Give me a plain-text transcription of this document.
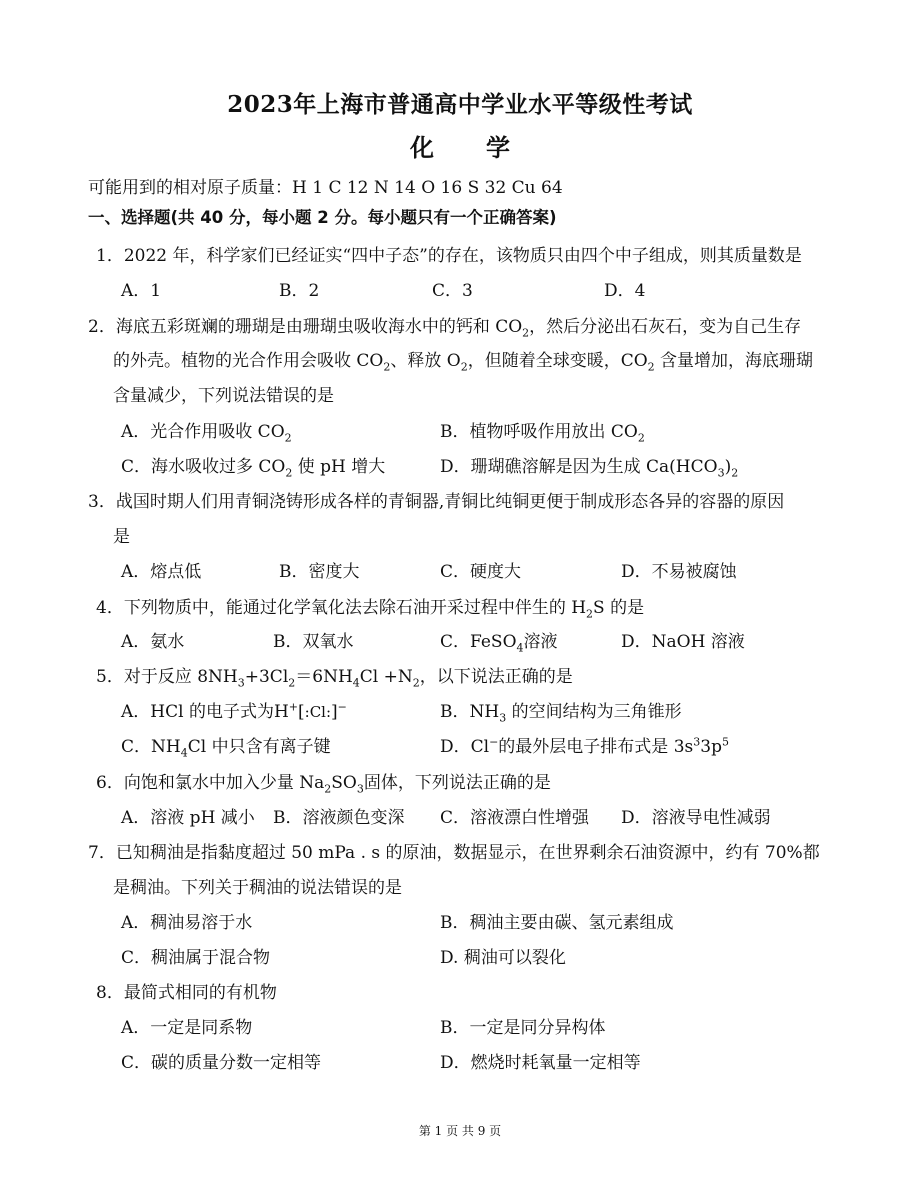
2023年上海市普通高中学业水平等级性考试
化学
可能用到的相对原子质量：H 1 C 12 N 14 O 16 S 32 Cu 64
一、选择题(共 40 分，每小题 2 分。每小题只有一个正确答案)
1．2022 年，科学家们已经证实“四中子态”的存在，该物质只由四个中子组成，则其质量数是
A．1	B．2	C．3	D．4
2．海底五彩斑斓的珊瑚是由珊瑚虫吸收海水中的钙和 $CO_2$，然后分泌出石灰石，变为自己生存
的外壳。植物的光合作用会吸收 $CO_2$、释放 $O_2$，但随着全球变暖，$CO_2$ 含量增加，海底珊瑚
含量减少，下列说法错误的是
A．光合作用吸收 $CO_2$	B．植物呼吸作用放出 $CO_2$
C．海水吸收过多 $CO_2$ 使 pH 增大	D．珊瑚礁溶解是因为生成 $Ca(HCO_3)_2$
3．战国时期人们用青铜浇铸形成各样的青铜器,青铜比纯铜更便于制成形态各异的容器的原因
是
A．熔点低	B．密度大	C．硬度大	D．不易被腐蚀
4．下列物质中，能通过化学氧化法去除石油开采过程中伴生的 $H_2S$ 的是
A．氨水	B．双氧水	C．FeSO$_4$溶液	D．NaOH 溶液
5．对于反应 $8NH_3+3Cl_2=6NH_4Cl +N_2$，以下说法正确的是
A．HCl 的电子式为H+[:Cl:]−	B．$NH_3$ 的空间结构为三角锥形
C．$NH_4Cl$ 中只含有离子键	D．Cl−的最外层电子排布式是 $3s^33p^5$
6．向饱和氯水中加入少量 $Na_2SO_3$固体，下列说法正确的是
A．溶液 pH 减小 B．溶液颜色变深 C．溶液漂白性增强 D．溶液导电性减弱
7．已知稠油是指黏度超过 50 mPa . s 的原油，数据显示，在世界剩余石油资源中，约有 70%都
是稠油。下列关于稠油的说法错误的是
A．稠油易溶于水	B．稠油主要由碳、氢元素组成
C．稠油属于混合物	D. 稠油可以裂化
8．最简式相同的有机物
A．一定是同系物	B．一定是同分异构体
C．碳的质量分数一定相等	D．燃烧时耗氧量一定相等
第 1 页 共 9 页
